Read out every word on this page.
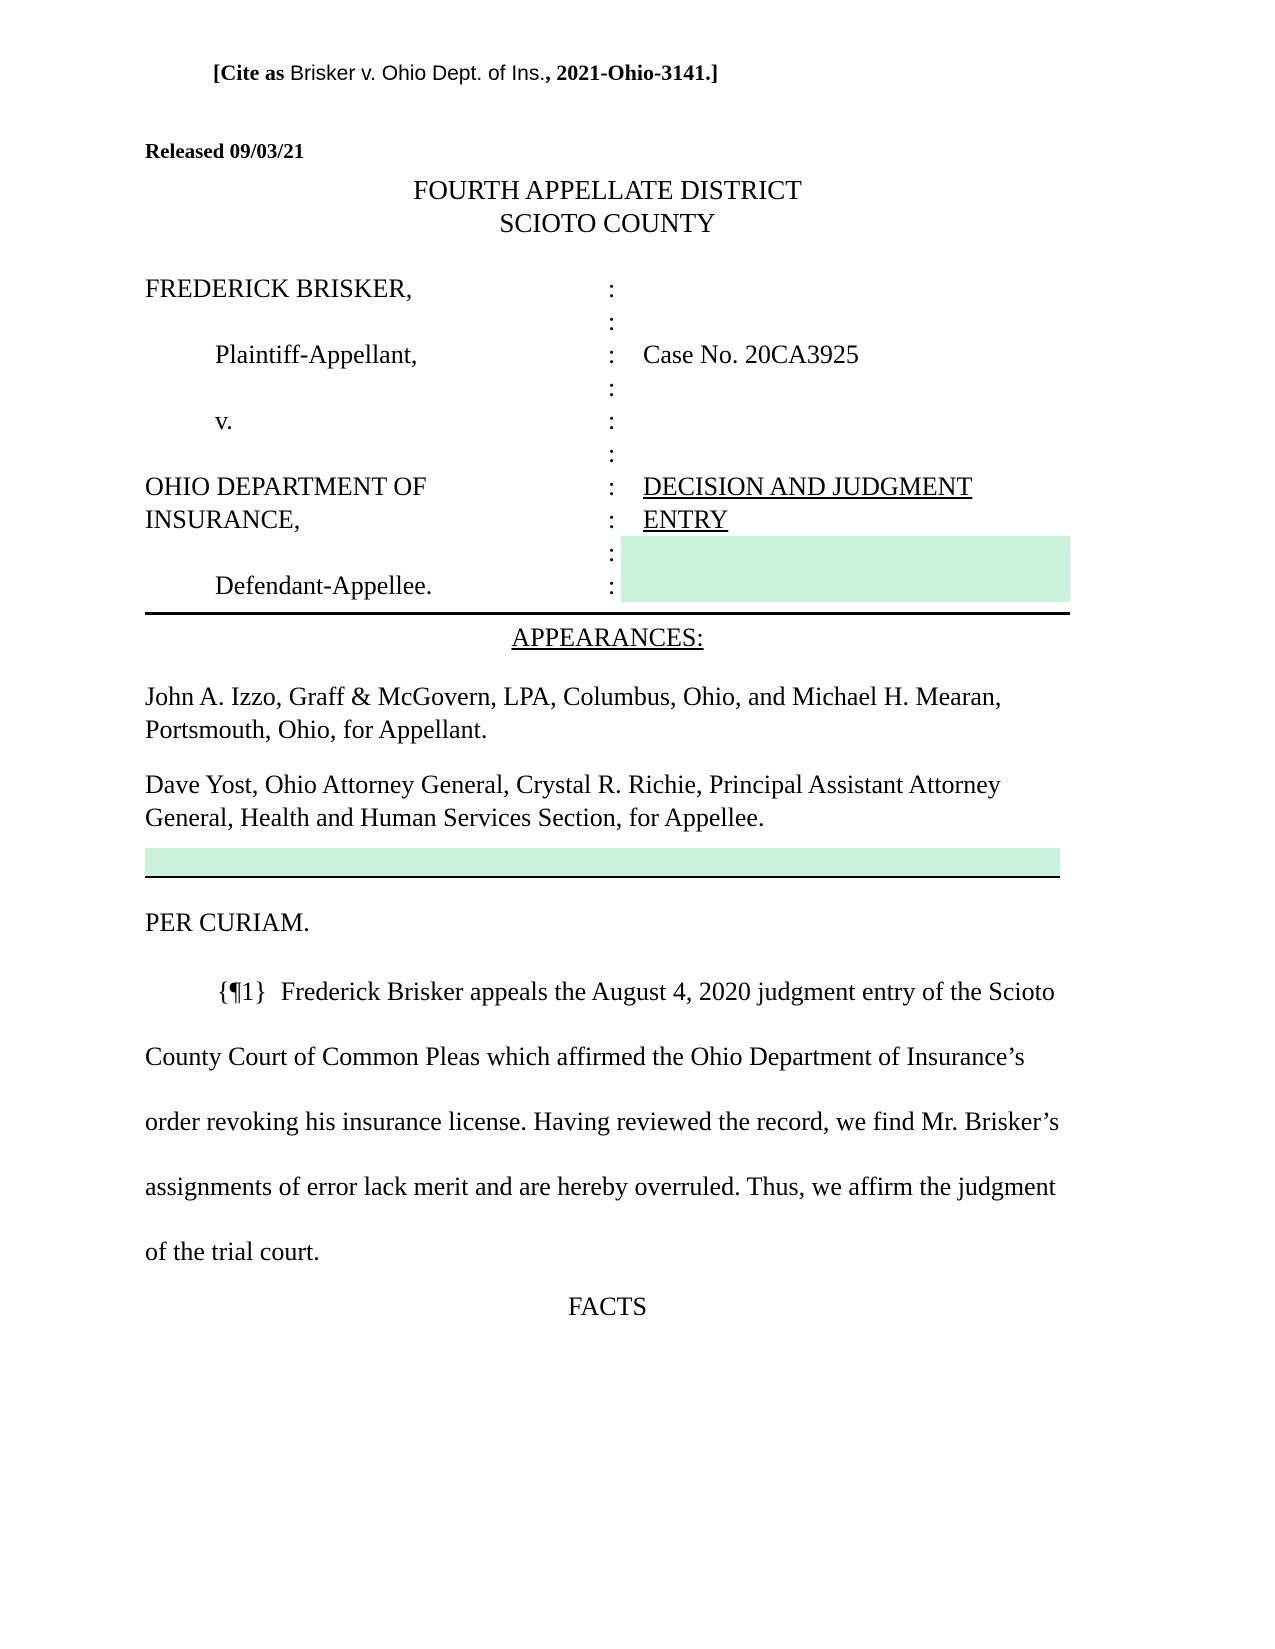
[Cite as Brisker v. Ohio Dept. of Ins., 2021-Ohio-3141.]
Released 09/03/21
FOURTH APPELLATE DISTRICT
SCIOTO COUNTY
FREDERICK BRISKER,	:
:
Plaintiff-Appellant,	:	Case No. 20CA3925
:
v.	:
:
OHIO DEPARTMENT OF	:	DECISION AND JUDGMENT
INSURANCE,	:	ENTRY
:
Defendant-Appellee.	:
APPEARANCES:

John A. Izzo, Graff & McGovern, LPA, Columbus, Ohio, and Michael H. Mearan, Portsmouth, Ohio, for Appellant.

Dave Yost, Ohio Attorney General, Crystal R. Richie, Principal Assistant Attorney General, Health and Human Services Section, for Appellee.

PER CURIAM.

{¶1} Frederick Brisker appeals the August 4, 2020 judgment entry of the Scioto County Court of Common Pleas which affirmed the Ohio Department of Insurance’s order revoking his insurance license. Having reviewed the record, we find Mr. Brisker’s assignments of error lack merit and are hereby overruled. Thus, we affirm the judgment of the trial court.

FACTS
